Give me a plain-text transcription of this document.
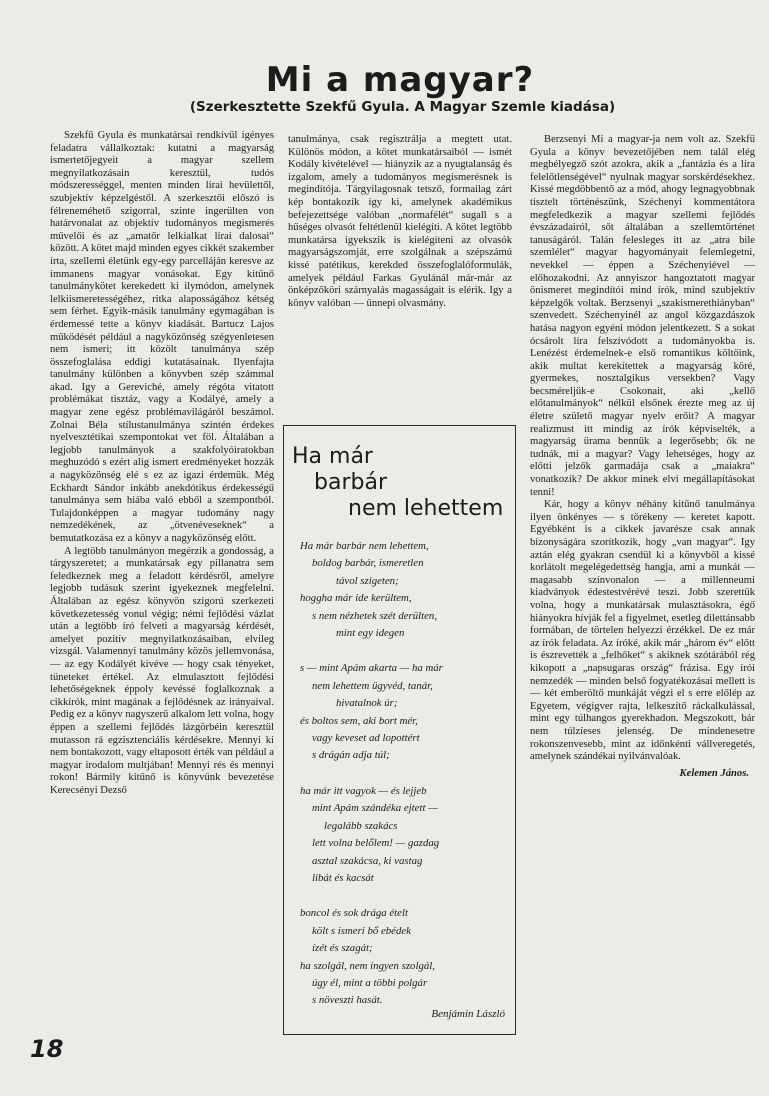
Mi a magyar?
(Szerkesztette Szekfű Gyula. A Magyar Szemle kiadása)

Szekfű Gyula és munkatársai rendkívül igényes feladatra vállalkoztak: kutatni a magyarság ismertetőjegyeit a magyar szellem megnyilatkozásain keresztül, tudós módszerességgel, menten minden lírai hevülettől, szubjektív képzelgéstől. A szerkesztői előszó is félreneméhető szigorral, szinte ingerülten von határvonalat az objektív tudományos megismerés művelői és az „amatőr lelkialkat lírai dalosai“ között. A kötet majd minden egyes cikkét szakember írta, szellemi életünk egy-egy parcelláján keresve az immanens magyar vonásokat. Egy kitűnő tanulmánykötet kerekedett ki ilymódon, amelynek lelkiismeretességéhez, ritka alaposságához kétség sem férhet. Egyik-másik tanulmány egymagában is érdemessé tette a könyv kiadását. Bartucz Lajos működését például a nagyközönség szégyenletesen nem ismeri; itt közölt tanulmánya szép összefoglalása eddigi kutatásainak. Ilyenfajta tanulmány különben a könyvben szép számmal akad. Igy a Gereviché, amely régóta vitatott problémákat tisztáz, vagy a Kodályé, amely a magyar zene egész problémavilágáról beszámol. Zolnai Béla stílustanulmánya szintén érdekes nyelvesztétikai szempontokat vet föl. Általában a legjobb tanulmányok a szakfolyóiratokban meghuzódó s ezért alig ismert eredményeket hozzák a nagyközönség elé s ez az igazi érdemük. Még Eckhardt Sándor inkább anekdótikus érdekességű tanulmánya sem hiába való ebből a szempontból. Tulajdonképpen a magyar tudomány nagy nemzedékének, az „ötvenéveseknek“ a bemutatkozása ez a könyv a nagyközönség előtt.

A legtöbb tanulmányon megérzik a gondosság, a tárgyszeretet; a munkatársak egy pillanatra sem feledkeznek meg a feladott kérdésről, amelyre legjobb tudásuk szerint igyekeznek megfelelni. Általában az egész könyvön szigorú szerkezeti következetesség vonul végig; némi fejlődési vázlat után a legtöbb író felveti a magyarság kérdését, amelyet pozitív megnyilatkozásaiban, elvileg vizsgál. Valamennyi tanulmány közös jellemvonása, — az egy Kodályét kivéve — hogy csak tényeket, tüneteket értékel. Az elmulasztott fejlődési lehetőségeknek éppoly kevéssé foglalkoznak a cikkírók, mint magának a fejlődésnek az irányaival. Pedig ez a könyv nagyszerű alkalom lett volna, hogy éppen a szellemi fejlődés lázgörbéin keresztül mutasson rá egzisztenciális kérdésekre. Mennyi ki nem bontakozott, vagy eltaposott érték van például a magyar irodalom multjában! Mennyi rés és mennyi rokon! Bármily kitűnő is könyvünk bevezetése Kerecsényi Dezső

tanulmánya, csak regisztrálja a megtett utat. Különös módon, a kötet munkatársaiból — ismét Kodály kivételével — hiányzik az a nyugtalanság és izgalom, amely a tudományos megismerésnek is megindítója. Tárgyilagosnak tetsző, formailag zárt kép bontakozik így ki, amelynek akadémikus befejezettsége valóban „normafélét“ sugall s a hűséges olvasót feltétlenül kielégíti. A kötet legtöbb munkatársa igyekszik is kielégíteni az olvasók magyarságszomját, erre szolgálnak a szépszámú kissé patétikus, kerekded összefoglalóformulák, amelyek például Farkas Gyulánál már-már az önképzőköri szárnyalás magasságait is elérik. Igy a könyv valóban — ünnepi olvasmány.

Berzsenyi Mi a magyar-ja nem volt az. Szekfű Gyula a könyv bevezetőjében nem talál elég megbélyegző szót azokra, akik a „fantázia és a líra felelőtlenségével“ nyulnak magyar sorskérdésekhez. Kissé megdöbbentő az a mód, ahogy legnagyobbnak tisztelt történészünk, Széchenyi kommentátora megfeledkezik a magyar szellemi fejlődés évszázadairól, sőt általában a szellemtörténet tanuságáról. Talán felesleges itt az „atra bile szemlélet“ magyar hagyományait felemlegetni, nevekkel — éppen a Széchenyiével — előhozakodni. Az annyiszor hangoztatott magyar önismeret megindítói mind írók, mind szubjektív képzelgők voltak. Berzsenyi „szakismerethiányban“ szenvedett. Széchenyinél az angol közgazdászok hatása nagyon egyéni módon jelentkezett. S a sokat ócsárolt líra felszívódott a tudományokba is. Lenézést érdemelnek-e első romantikus költőink, akik multat kerekítettek a magyarság köré, gyermekes, nosztalgikus versekben? Vagy becsméreljük-e Csokonait, aki „kellő előtanulmányok“ nélkül elsőnek érezte meg az új életre születő magyar nyelv erőit? A magyar realizmust itt mindig az írók képviselték, a magyarság ürama bennük a legerősebb; ők ne tudnák, mi a magyar? Vagy lehetséges, hogy az előtti jelzők garmadája csak a „maiakra“ vonatkozik? De akkor minek elvi megállapításokat tenni!

Kár, hogy a könyv néhány kitűnő tanulmánya ilyen önkényes — s törékeny — keretet kapott. Egyébként is a cikkek javarésze csak annak bizonyságára szorítkozik, hogy „van magyar“. Igy aztán elég gyakran csendül ki a könyvből a kissé korlátolt megelégedettség hangja, ami a munkát — magasabb színvonalon — a millenneumi kiadványok édestestvérévé teszi. Jobb szerettük volna, hogy a munkatársak mulasztásokra, égő hiányokra hívják fel a figyelmet, esetleg dilettánsabb formában, de törtelen helyezzi érzékkel. De ez már az írók feladata. Az íróké, akik már „három év“ előtt is észrevették a „felhőket“ s akiknek szótárából rég kikopott a „napsugaras ország“ frázisa. Egy írói nemzedék — minden belső fogyatékozásai mellett is — két emberöltő munkáját végzi el s erre előlép az Egyetem, végigver rajta, lelkeszítő ráckalkulással, mint egy túlhangos gyerekhadon. Megszokott, bár nem túlzíeses jelenség. De mindenesetre rokonszenvesebb, mint az időnkénti vállveregetés, amelynek szándékai nyilvánvalóak.

Kelemen János.
Ha már
barbár
nem lehettem
Ha már barbár nem lehettem,
boldog barbár, ismeretlen
távol szigeten;
hoggha már ide kerültem,
s nem nézhetek szét derülten,
mint egy idegen
s — mint Apám akarta — ha már
nem lehettem ügyvéd, tanár,
hivatalnok úr;
és boltos sem, aki bort mér,
vagy keveset ad lopottért
s drágán adja túl;
ha már itt vagyok — és lejjeb
mint Apám szándéka ejtett —
legalább szakács
lett volna belőlem! — gazdag
asztal szakácsa, ki vastag
libát és kacsát
boncol és sok drága ételt
költ s ismeri bő ebédek
ízét és szagát;
ha szolgál, nem ingyen szolgál,
úgy él, mint a többi polgár
s növeszti hasát.
Benjámin László
18
